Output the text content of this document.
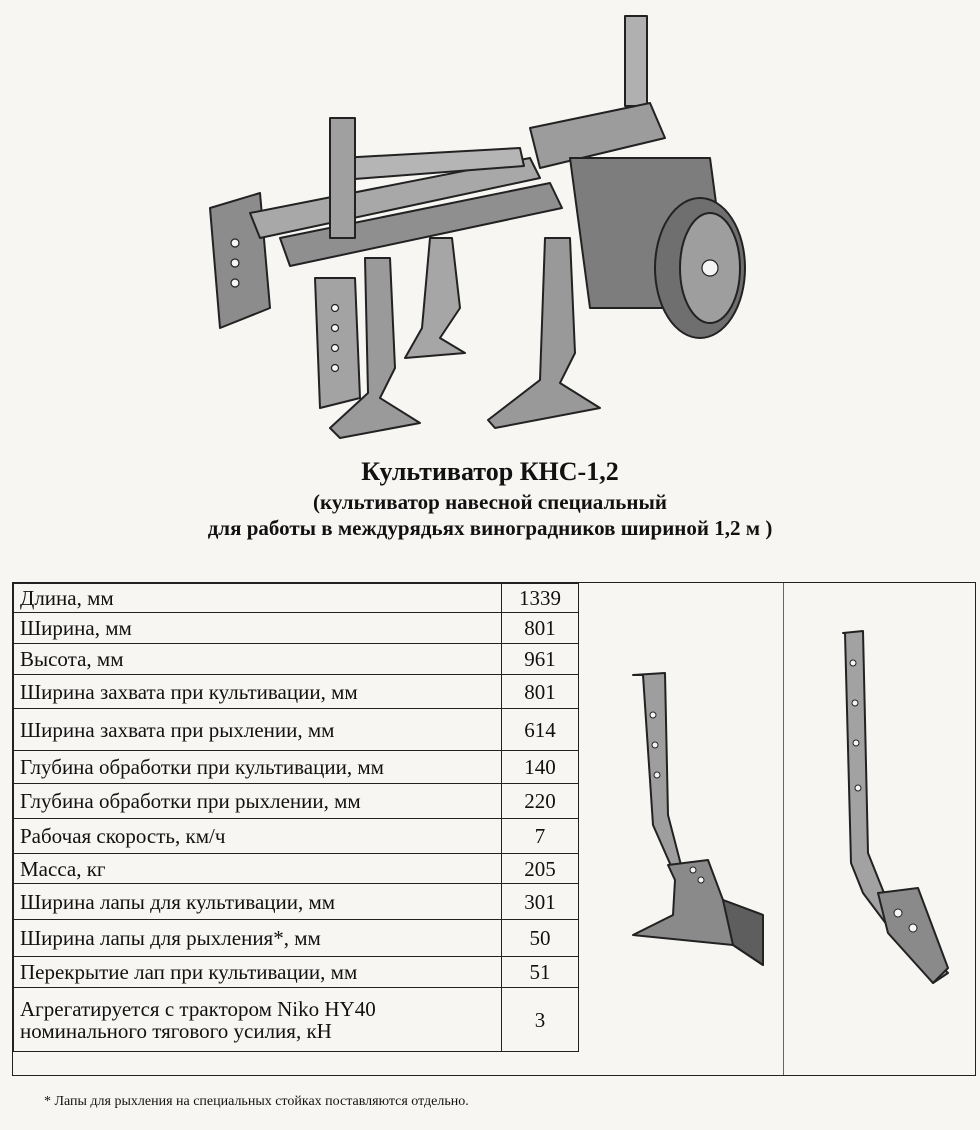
Культиватор КНС-1,2
(культиватор навесной специальный
для работы в междурядьях виноградников шириной 1,2 м )
Длина, мм	1339
Ширина, мм	801
Высота, мм	961
Ширина захвата при культивации, мм	801
Ширина захвата при рыхлении, мм	614
Глубина обработки при культивации, мм	140
Глубина обработки при рыхлении, мм	220
Рабочая скорость, км/ч	7
Масса, кг	205
Ширина лапы для культивации, мм	301
Ширина лапы для рыхления*, мм	50
Перекрытие лап при культивации, мм	51

Агрегатируется с трактором Niko HY40
номинального тягового усилия, кН	3
* Лапы для рыхления на специальных стойках поставляются отдельно.
